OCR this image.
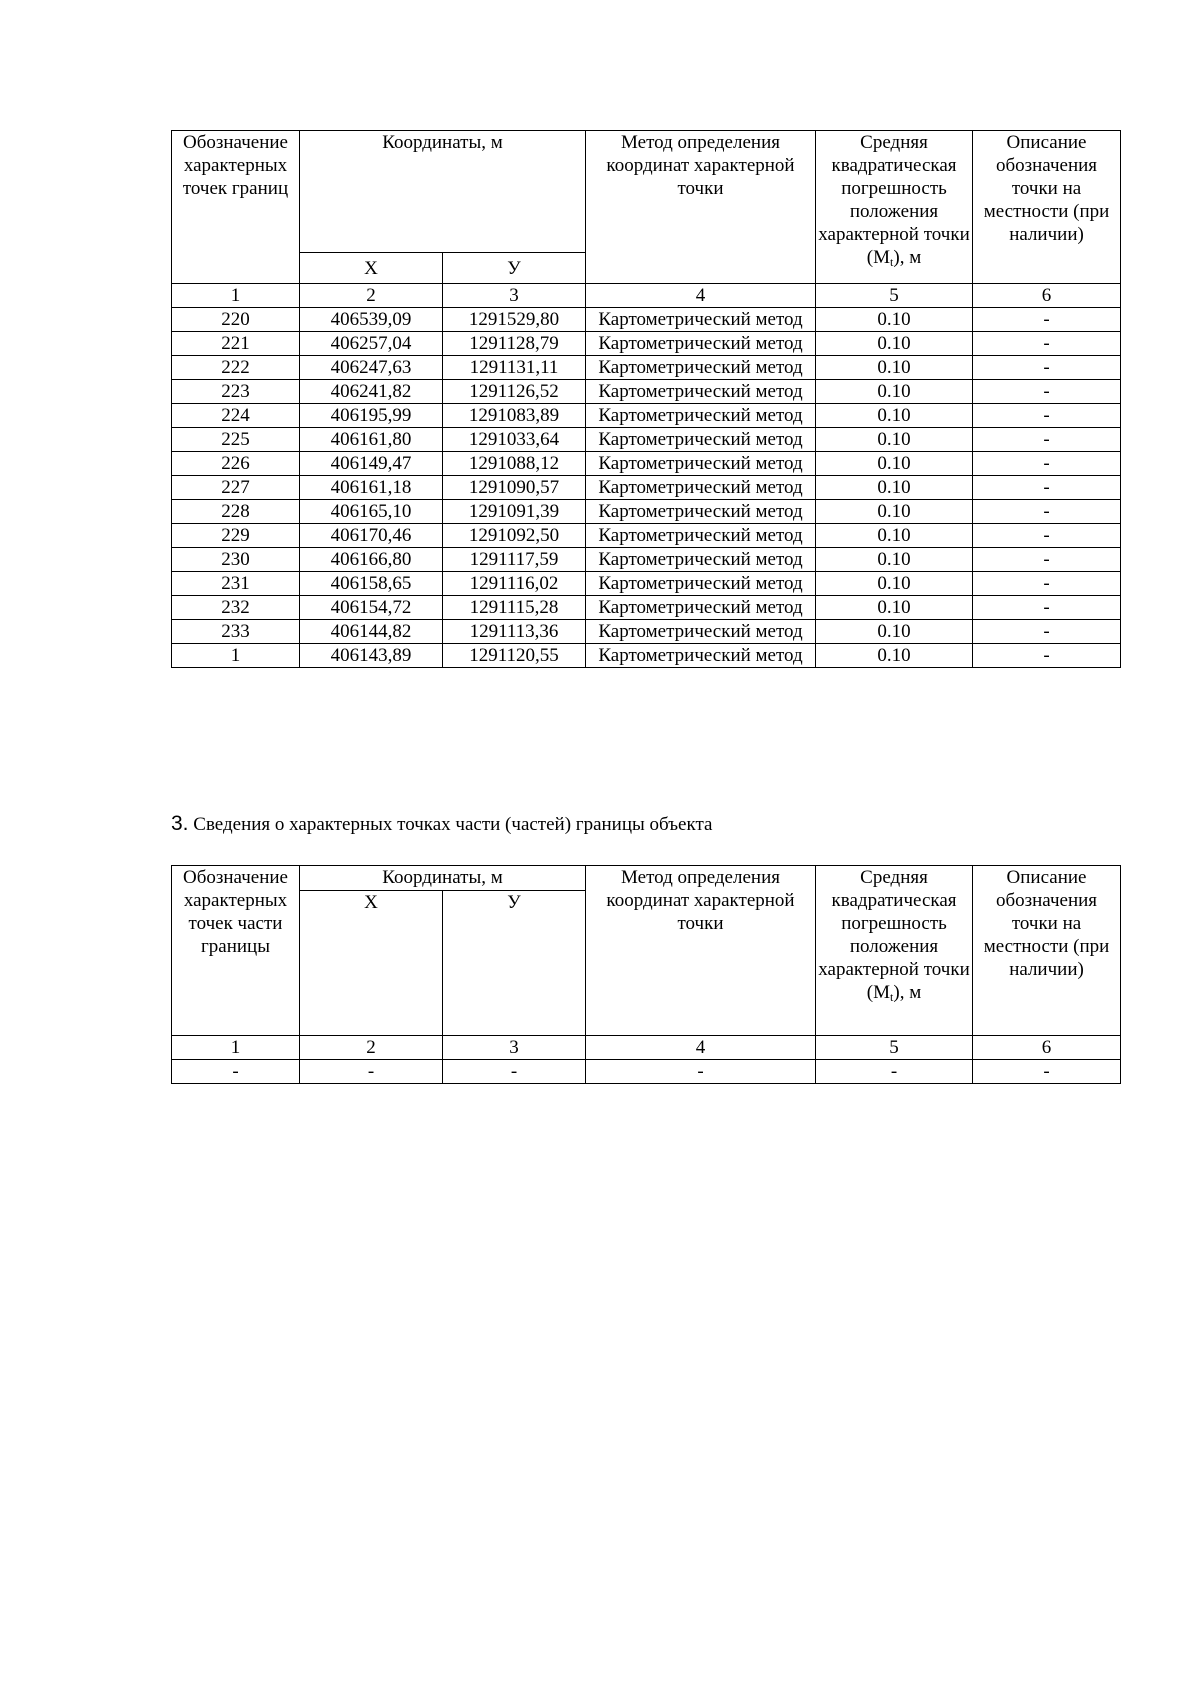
Обозначение характерных точек границ	Координаты, м		Метод определения координат характерной точки	Средняя квадратическая погрешность положения характерной точки $(M_t)$, м	Описание обозначения точки на местности (при наличии)
	Х	У			
1	2	3	4	5	6
220	406539,09	1291529,80	Картометрический метод	0.10	-
221	406257,04	1291128,79	Картометрический метод	0.10	-
222	406247,63	1291131,11	Картометрический метод	0.10	-
223	406241,82	1291126,52	Картометрический метод	0.10	-
224	406195,99	1291083,89	Картометрический метод	0.10	-
225	406161,80	1291033,64	Картометрический метод	0.10	-
226	406149,47	1291088,12	Картометрический метод	0.10	-
227	406161,18	1291090,57	Картометрический метод	0.10	-
228	406165,10	1291091,39	Картометрический метод	0.10	-
229	406170,46	1291092,50	Картометрический метод	0.10	-
230	406166,80	1291117,59	Картометрический метод	0.10	-
231	406158,65	1291116,02	Картометрический метод	0.10	-
232	406154,72	1291115,28	Картометрический метод	0.10	-
233	406144,82	1291113,36	Картометрический метод	0.10	-
1	406143,89	1291120,55	Картометрический метод	0.10	-
3. Сведения о характерных точках части (частей) границы объекта
Обозначение характерных точек части границы	Координаты, м		Метод определения координат характерной точки	Средняя квадратическая погрешность положения характерной точки $(M_t)$, м	Описание обозначения точки на местности (при наличии)
	Х	У			
1	2	3	4	5	6
-	-	-	-	-	-
